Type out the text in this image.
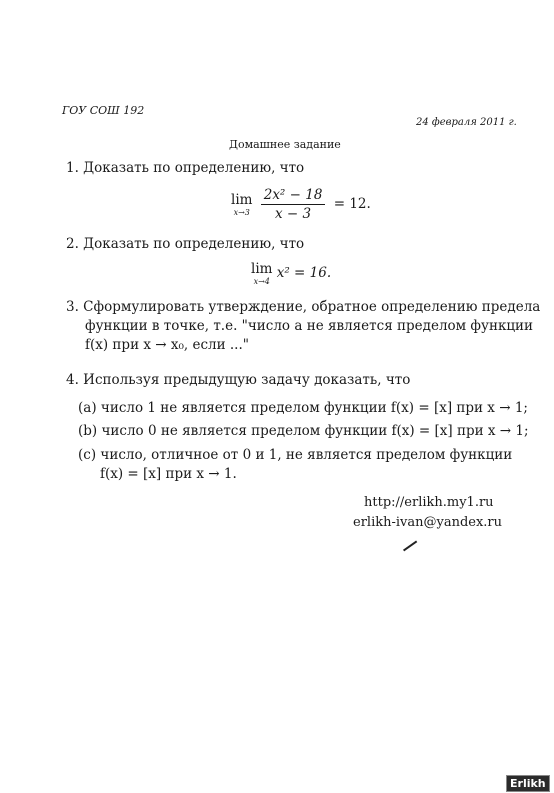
ГОУ СОШ 192
24 февраля 2011 г.
Домашнее задание
1. Доказать по определению, что
lim
x→3
$\frac{\text{2x² − 18}}{x - 3} = 12$.
2. Доказать по определению, что
lim
x→4
x² = 16.
3. Сформулировать утверждение, обратное определению предела
функции в точке, т.е. "число a не является пределом функции
f(x) при x → x₀, если ..."
4. Используя предыдущую задачу доказать, что
(a) число 1 не является пределом функции f(x) = [x] при x → 1;
(b) число 0 не является пределом функции f(x) = [x] при x → 1;
(c) число, отличное от 0 и 1, не является пределом функции
f(x) = [x] при x → 1.
http://erlikh.my1.ru
erlikh-ivan@yandex.ru
Erlikh
